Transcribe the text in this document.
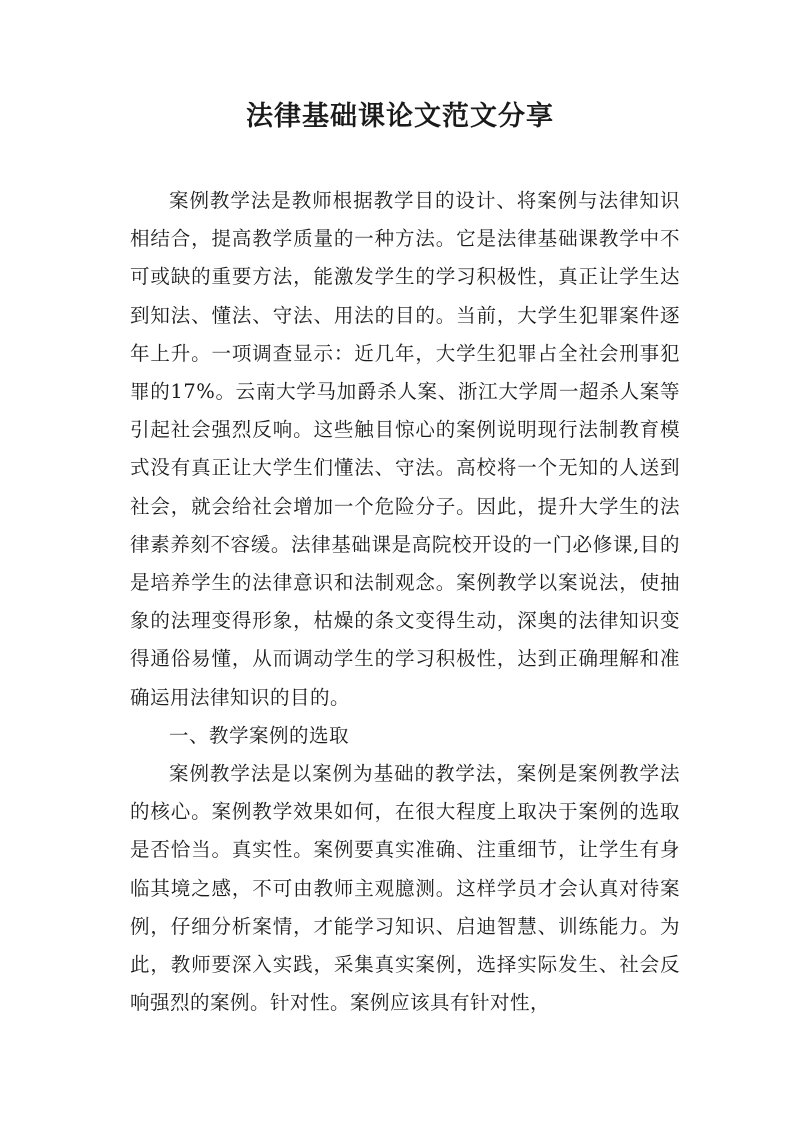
法律基础课论文范文分享

案例教学法是教师根据教学目的设计、将案例与法律知识相结合，提高教学质量的一种方法。它是法律基础课教学中不可或缺的重要方法，能激发学生的学习积极性，真正让学生达到知法、懂法、守法、用法的目的。当前，大学生犯罪案件逐年上升。一项调查显示：近几年，大学生犯罪占全社会刑事犯罪的17%。云南大学马加爵杀人案、浙江大学周一超杀人案等引起社会强烈反响。这些触目惊心的案例说明现行法制教育模式没有真正让大学生们懂法、守法。高校将一个无知的人送到社会，就会给社会增加一个危险分子。因此，提升大学生的法律素养刻不容缓。法律基础课是高院校开设的一门必修课,目的是培养学生的法律意识和法制观念。案例教学以案说法，使抽象的法理变得形象，枯燥的条文变得生动，深奥的法律知识变得通俗易懂，从而调动学生的学习积极性，达到正确理解和准确运用法律知识的目的。

一、教学案例的选取

案例教学法是以案例为基础的教学法，案例是案例教学法的核心。案例教学效果如何，在很大程度上取决于案例的选取是否恰当。真实性。案例要真实准确、注重细节，让学生有身临其境之感，不可由教师主观臆测。这样学员才会认真对待案例，仔细分析案情，才能学习知识、启迪智慧、训练能力。为此，教师要深入实践，采集真实案例，选择实际发生、社会反响强烈的案例。针对性。案例应该具有针对性，
